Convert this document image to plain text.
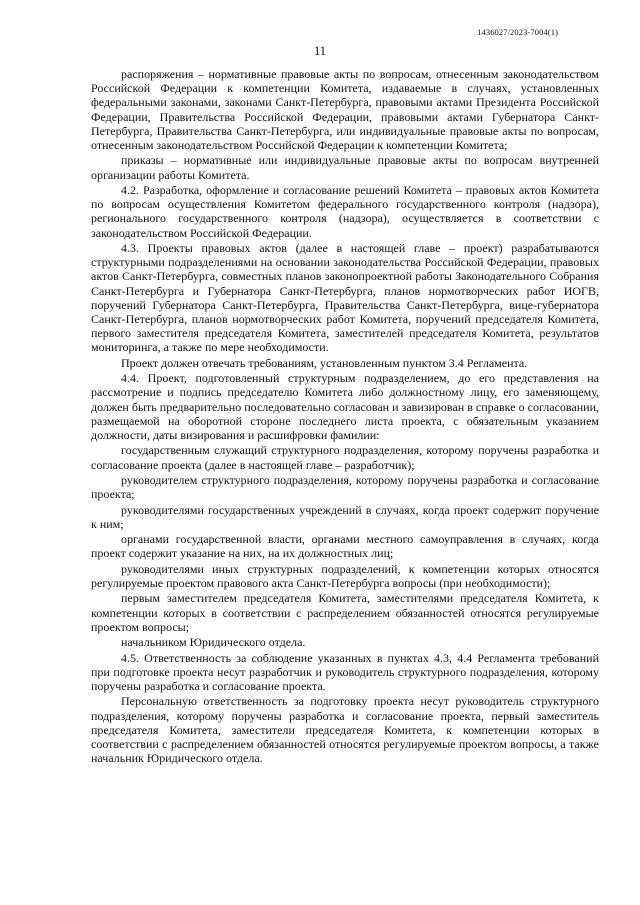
1436027/2023-7004(1)
11

распоряжения – нормативные правовые акты по вопросам, отнесенным законодательством Российской Федерации к компетенции Комитета, издаваемые в случаях, установленных федеральными законами, законами Санкт-Петербурга, правовыми актами Президента Российской Федерации, Правительства Российской Федерации, правовыми актами Губернатора Санкт-Петербурга, Правительства Санкт-Петербурга, или индивидуальные правовые акты по вопросам, отнесенным законодательством Российской Федерации к компетенции Комитета;

приказы – нормативные или индивидуальные правовые акты по вопросам внутренней организации работы Комитета.

4.2. Разработка, оформление и согласование решений Комитета – правовых актов Комитета по вопросам осуществления Комитетом федерального государственного контроля (надзора), регионального государственного контроля (надзора), осуществляется в соответствии с законодательством Российской Федерации.

4.3. Проекты правовых актов (далее в настоящей главе – проект) разрабатываются структурными подразделениями на основании законодательства Российской Федерации, правовых актов Санкт-Петербурга, совместных планов законопроектной работы Законодательного Собрания Санкт-Петербурга и Губернатора Санкт-Петербурга, планов нормотворческих работ ИОГВ, поручений Губернатора Санкт-Петербурга, Правительства Санкт-Петербурга, вице-губернатора Санкт-Петербурга, планов нормотворческих работ Комитета, поручений председателя Комитета, первого заместителя председателя Комитета, заместителей председателя Комитета, результатов мониторинга, а также по мере необходимости.

Проект должен отвечать требованиям, установленным пунктом 3.4 Регламента.

4.4. Проект, подготовленный структурным подразделением, до его представления на рассмотрение и подпись председателю Комитета либо должностному лицу, его заменяющему, должен быть предварительно последовательно согласован и завизирован в справке о согласовании, размещаемой на оборотной стороне последнего листа проекта, с обязательным указанием должности, даты визирования и расшифровки фамилии:

государственным служащий структурного подразделения, которому поручены разработка и согласование проекта (далее в настоящей главе – разработчик);

руководителем структурного подразделения, которому поручены разработка и согласование проекта;

руководителями государственных учреждений в случаях, когда проект содержит поручение к ним;

органами государственной власти, органами местного самоуправления в случаях, когда проект содержит указание на них, на их должностных лиц;

руководителями иных структурных подразделений, к компетенции которых относятся регулируемые проектом правового акта Санкт-Петербурга вопросы (при необходимости);

первым заместителем председателя Комитета, заместителями председателя Комитета, к компетенции которых в соответствии с распределением обязанностей относятся регулируемые проектом вопросы;

начальником Юридического отдела.

4.5. Ответственность за соблюдение указанных в пунктах 4.3, 4.4 Регламента требований при подготовке проекта несут разработчик и руководитель структурного подразделения, которому поручены разработка и согласование проекта.

Персональную ответственность за подготовку проекта несут руководитель структурного подразделения, которому поручены разработка и согласование проекта, первый заместитель председателя Комитета, заместители председателя Комитета, к компетенции которых в соответствии с распределением обязанностей относятся регулируемые проектом вопросы, а также начальник Юридического отдела.
